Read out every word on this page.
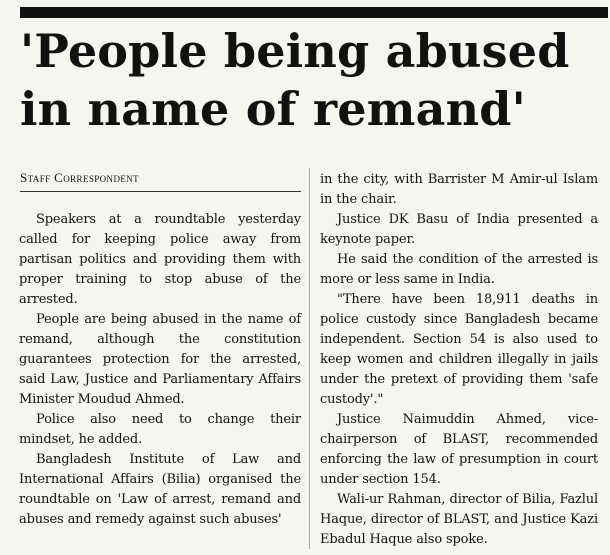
'People being abused
in name of remand'
Staff Correspondent

Speakers at a roundtable yesterday called for keeping police away from partisan politics and providing them with proper training to stop abuse of the arrested.

People are being abused in the name of remand, although the constitution guarantees protection for the arrested, said Law, Justice and Parliamentary Affairs Minister Moudud Ahmed.

Police also need to change their mindset, he added.

Bangladesh Institute of Law and International Affairs (Bilia) organised the roundtable on 'Law of arrest, remand and abuses and remedy against such abuses'

in the city, with Barrister M Amir-ul Islam in the chair.

Justice DK Basu of India presented a keynote paper.

He said the condition of the arrested is more or less same in India.

"There have been 18,911 deaths in police custody since Bangladesh became independent. Section 54 is also used to keep women and children illegally in jails under the pretext of providing them 'safe custody'."

Justice Naimuddin Ahmed, vice-chairperson of BLAST, recommended enforcing the law of presumption in court under section 154.

Wali-ur Rahman, director of Bilia, Fazlul Haque, director of BLAST, and Justice Kazi Ebadul Haque also spoke.
